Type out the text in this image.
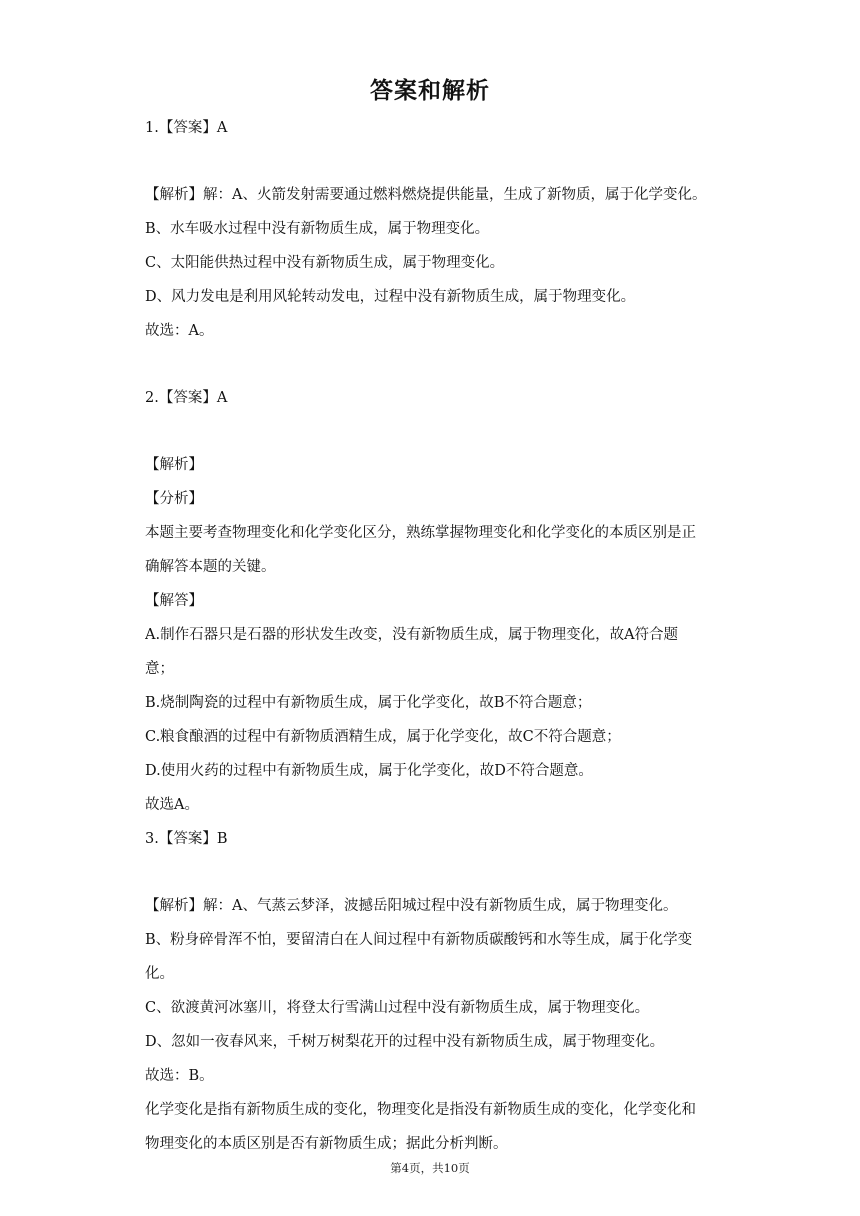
答案和解析
1.【答案】A
【解析】解：A、火箭发射需要通过燃料燃烧提供能量，生成了新物质，属于化学变化。
B、水车吸水过程中没有新物质生成，属于物理变化。
C、太阳能供热过程中没有新物质生成，属于物理变化。
D、风力发电是利用风轮转动发电，过程中没有新物质生成，属于物理变化。
故选：A。
2.【答案】A
【解析】
【分析】
本题主要考查物理变化和化学变化区分，熟练掌握物理变化和化学变化的本质区别是正
确解答本题的关键。
【解答】
A.制作石器只是石器的形状发生改变，没有新物质生成，属于物理变化，故A符合题
意；
B.烧制陶瓷的过程中有新物质生成，属于化学变化，故B不符合题意；
C.粮食酿酒的过程中有新物质酒精生成，属于化学变化，故C不符合题意；
D.使用火药的过程中有新物质生成，属于化学变化，故D不符合题意。
故选A。
3.【答案】B
【解析】解：A、气蒸云梦泽，波撼岳阳城过程中没有新物质生成，属于物理变化。
B、粉身碎骨浑不怕，要留清白在人间过程中有新物质碳酸钙和水等生成，属于化学变
化。
C、欲渡黄河冰塞川，将登太行雪满山过程中没有新物质生成，属于物理变化。
D、忽如一夜春风来，千树万树梨花开的过程中没有新物质生成，属于物理变化。
故选：B。
化学变化是指有新物质生成的变化，物理变化是指没有新物质生成的变化，化学变化和
物理变化的本质区别是否有新物质生成；据此分析判断。
第4页，共10页
